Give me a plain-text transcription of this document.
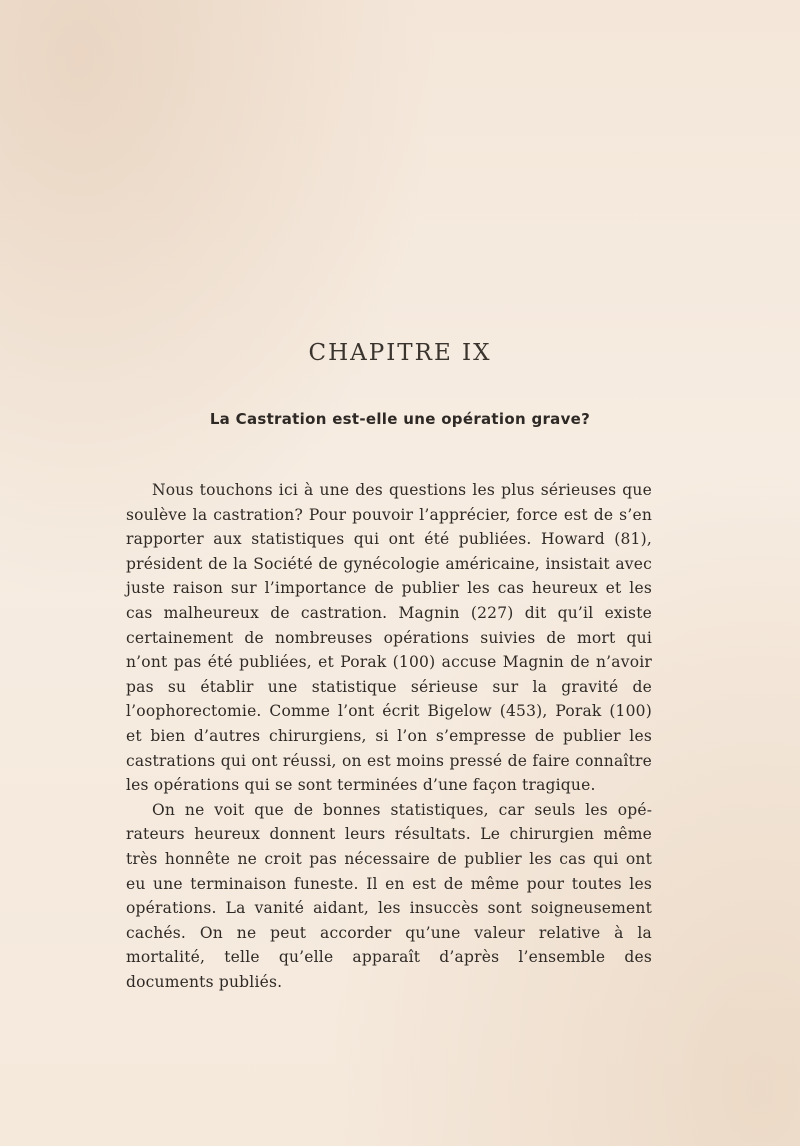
CHAPITRE IX
La Castration est-elle une opération grave?

Nous touchons ici à une des questions les plus sérieuses que soulève la castration? Pour pouvoir l’apprécier, force est de s’en rapporter aux statistiques qui ont été publiées. Howard (81), président de la Société de gynécologie américaine, insistait avec juste raison sur l’importance de publier les cas heureux et les cas malheureux de castration. Magnin (227) dit qu’il existe certainement de nombreuses opérations suivies de mort qui n’ont pas été publiées, et Porak (100) accuse Magnin de n’avoir pas su établir une statistique sérieuse sur la gravité de l’oophorectomie. Comme l’ont écrit Bigelow (453), Porak (100) et bien d’autres chirurgiens, si l’on s’empresse de publier les castrations qui ont réussi, on est moins pressé de faire connaître les opérations qui se sont terminées d’une façon tragique.

On ne voit que de bonnes statistiques, car seuls les opérateurs heureux donnent leurs résultats. Le chirurgien même très honnête ne croit pas nécessaire de publier les cas qui ont eu une terminaison funeste. Il en est de même pour toutes les opérations. La vanité aidant, les insuccès sont soigneusement cachés. On ne peut accorder qu’une valeur relative à la mortalité, telle qu’elle apparaît d’après l’ensemble des documents publiés.
